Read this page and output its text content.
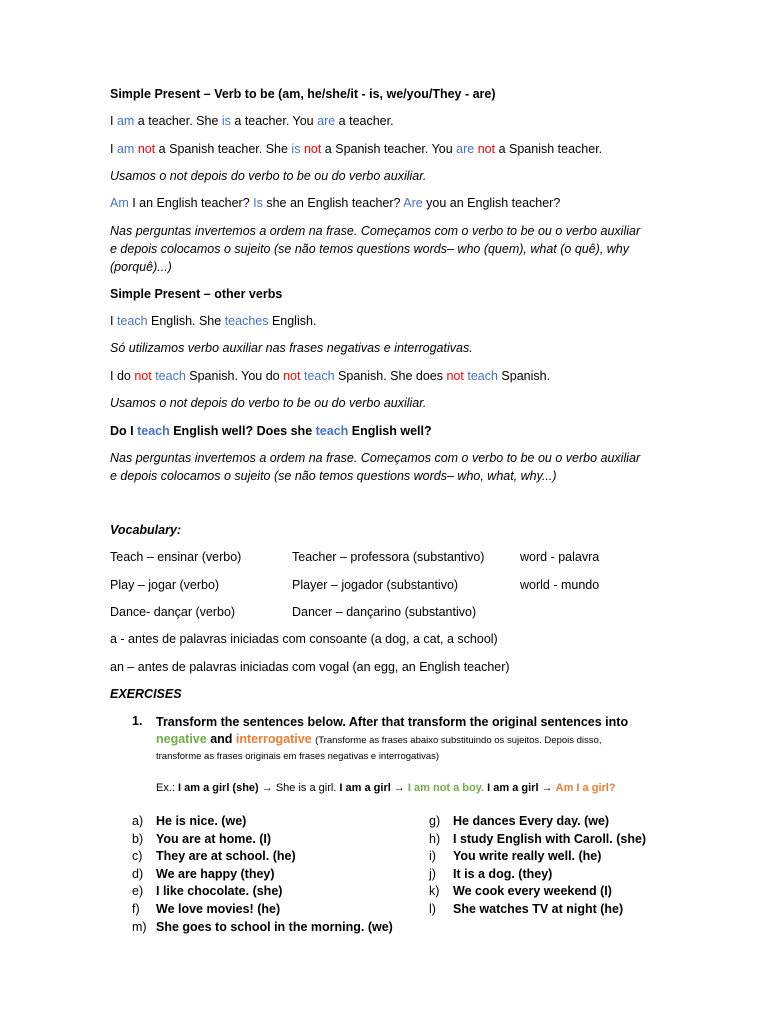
Simple Present – Verb to be (am, he/she/it - is, we/you/They - are)
I am a teacher. She is a teacher. You are a teacher.
I am not a Spanish teacher. She is not a Spanish teacher. You are not a Spanish teacher.
Usamos o not depois do verbo to be ou do verbo auxiliar.
Am I an English teacher? Is she an English teacher? Are you an English teacher?
Nas perguntas invertemos a ordem na frase. Começamos com o verbo to be ou o verbo auxiliar
e depois colocamos o sujeito (se não temos questions words– who (quem), what (o quê), why
(porquê)...)
Simple Present – other verbs
I teach English. She teaches English.
Só utilizamos verbo auxiliar nas frases negativas e interrogativas.
I do not teach Spanish. You do not teach Spanish. She does not teach Spanish.
Usamos o not depois do verbo to be ou do verbo auxiliar.
Do I teach English well? Does she teach English well?
Nas perguntas invertemos a ordem na frase. Começamos com o verbo to be ou o verbo auxiliar
e depois colocamos o sujeito (se não temos questions words– who, what, why...)
Vocabulary:
Teach – ensinar (verbo)	Teacher – professora (substantivo)	word - palavra
Play – jogar (verbo)	Player – jogador (substantivo)	world - mundo
Dance- dançar (verbo)	Dancer – dançarino (substantivo)
a - antes de palavras iniciadas com consoante (a dog, a cat, a school)
an – antes de palavras iniciadas com vogal (an egg, an English teacher)
EXERCISES
1. Transform the sentences below. After that transform the original sentences into
negative and interrogative (Transforme as frases abaixo substituindo os sujeitos. Depois disso,
transforme as frases originais em frases negativas e interrogativas)
Ex.: I am a girl (she) → She is a girl. I am a girl → I am not a boy. I am a girl → Am I a girl?
a) He is nice. (we)
b) You are at home. (I)
c) They are at school. (he)
d) We are happy (they)
e) I like chocolate. (she)
f) We love movies! (he)
m) She goes to school in the morning. (we)
g) He dances Every day. (we)
h) I study English with Caroll. (she)
i) You write really well. (he)
j) It is a dog. (they)
k) We cook every weekend (I)
l) She watches TV at night (he)
